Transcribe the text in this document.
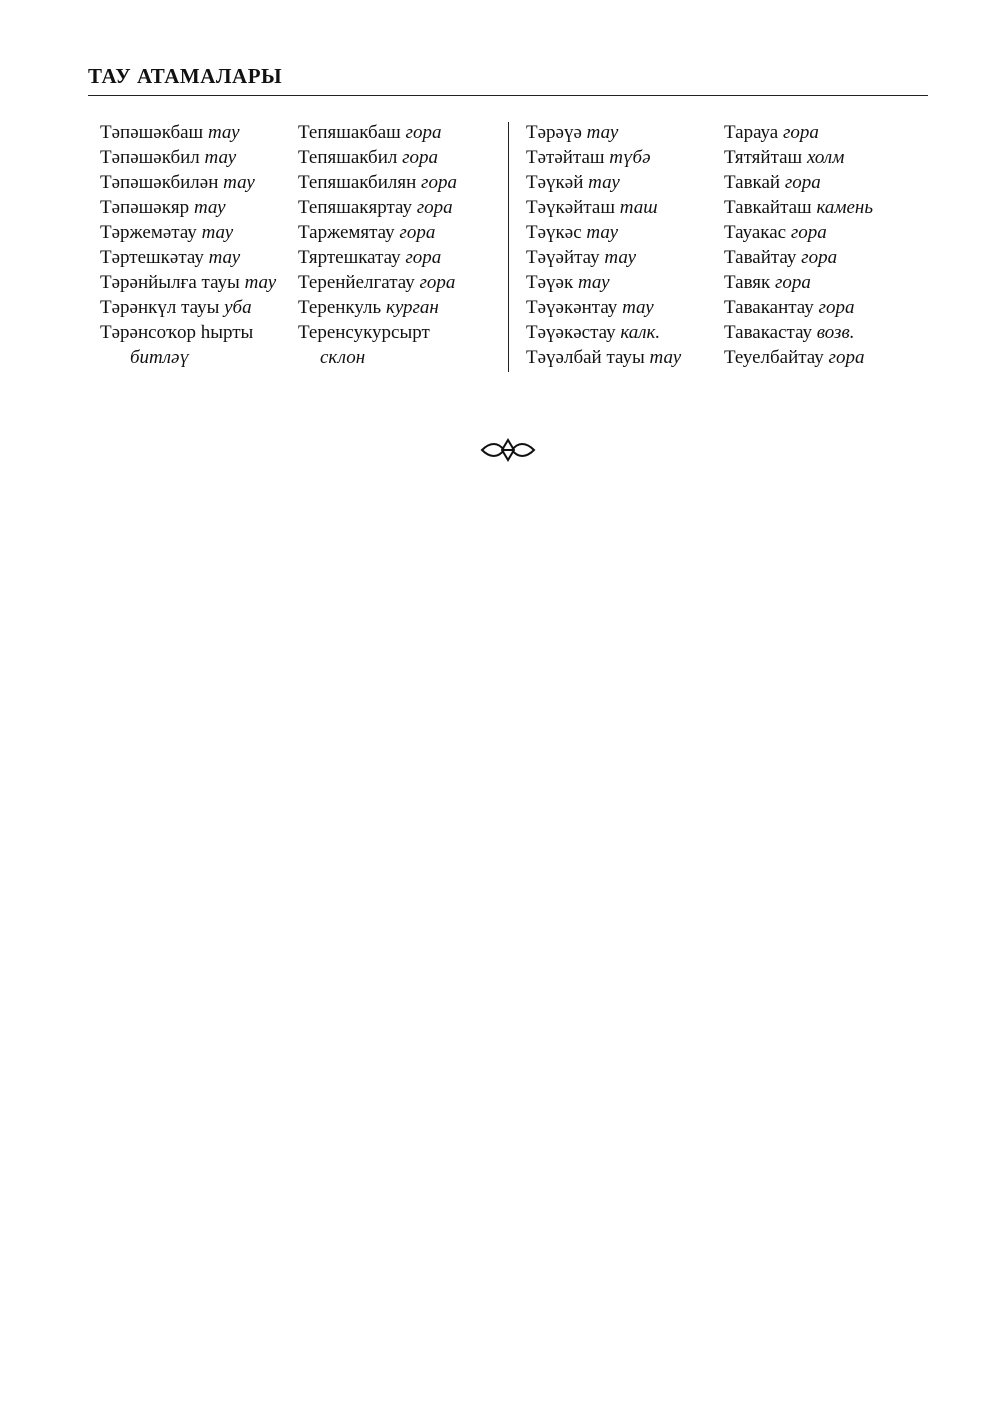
ТАУ АТАМАЛАРЫ
Тәпәшәкбаш тау
Тәпәшәкбил тау
Тәпәшәкбилән тау
Тәпәшәкяр тау
Тәржемәтау тау
Тәртешкәтау тау
Тәрәнйылға тауы тау
Тәрәнкүл тауы уба
Тәрәнсоҡор һырты
битләү
Тепяшакбаш гора
Тепяшакбил гора
Тепяшакбилян гора
Тепяшакяртау гора
Таржемятау гора
Тяртешкатау гора
Теренйелгатау гора
Теренкуль курган
Теренсукурсырт
склон
Тәрәүә тау
Тәтәйташ түбә
Тәүкәй тау
Тәүкәйташ таш
Тәүкәс тау
Тәүәйтау тау
Тәүәк тау
Тәүәкәнтау тау
Тәүәкәстау калк.
Тәүәлбай тауы тау
Тарауа гора
Тятяйташ холм
Тавкай гора
Тавкайташ камень
Тауакас гора
Тавайтау гора
Тавяк гора
Тавакантау гора
Тавакастау возв.
Теуелбайтау гора
